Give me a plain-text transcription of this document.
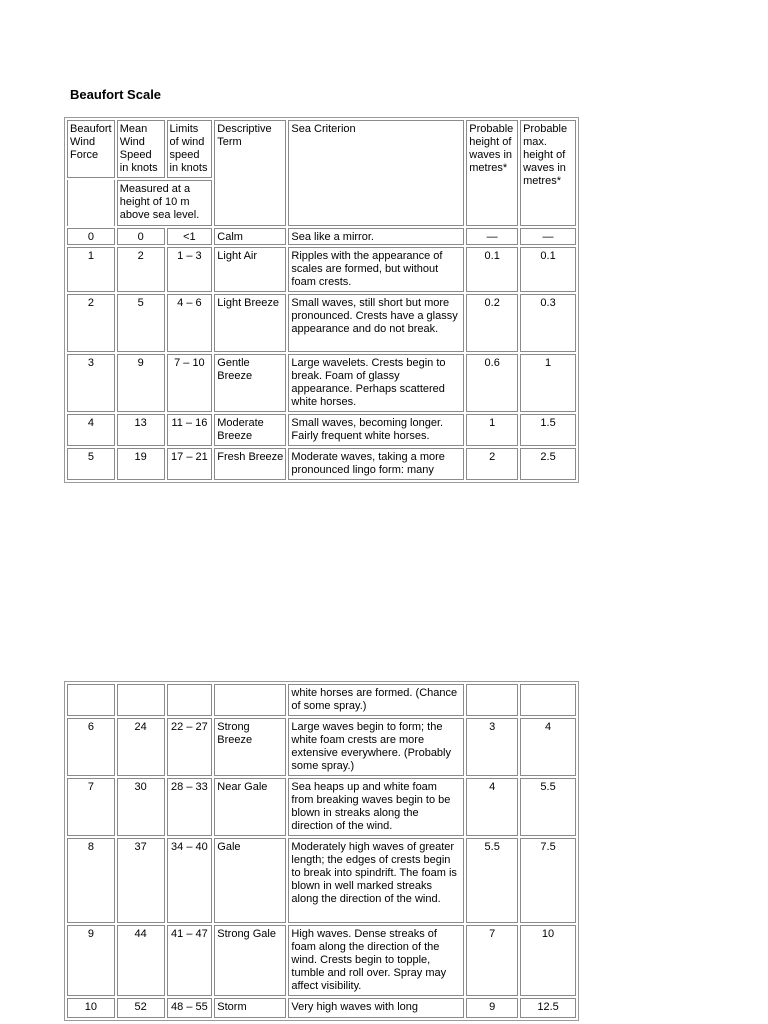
Beaufort Scale
Beaufort Wind Force	Mean Wind Speed in knots	Limits of wind speed in knots	Descriptive Term	Sea Criterion	Probable height of waves in metres*	Probable max. height of waves in metres*
	Measured at a height of 10 m above sea level.					
0	0	<1	Calm	Sea like a mirror.	—	—
1	2	1 – 3	Light Air	Ripples with the appearance of scales are formed, but without foam crests.	0.1	0.1
2	5	4 – 6	Light Breeze	Small waves, still short but more pronounced. Crests have a glassy appearance and do not break.	0.2	0.3
3	9	7 – 10	Gentle Breeze	Large wavelets. Crests begin to break. Foam of glassy appearance. Perhaps scattered white horses.	0.6	1
4	13	11 – 16	Moderate Breeze	Small waves, becoming longer. Fairly frequent white horses.	1	1.5
5	19	17 – 21	Fresh Breeze	Moderate waves, taking a more pronounced lingo form: many	2	2.5
				white horses are formed. (Chance of some spray.)		
6	24	22 – 27	Strong Breeze	Large waves begin to form; the white foam crests are more extensive everywhere. (Probably some spray.)	3	4
7	30	28 – 33	Near Gale	Sea heaps up and white foam from breaking waves begin to be blown in streaks along the direction of the wind.	4	5.5
8	37	34 – 40	Gale	Moderately high waves of greater length; the edges of crests begin to break into spindrift. The foam is blown in well marked streaks along the direction of the wind.	5.5	7.5
9	44	41 – 47	Strong Gale	High waves. Dense streaks of foam along the direction of the wind. Crests begin to topple, tumble and roll over. Spray may affect visibility.	7	10
10	52	48 – 55	Storm	Very high waves with long	9	12.5
